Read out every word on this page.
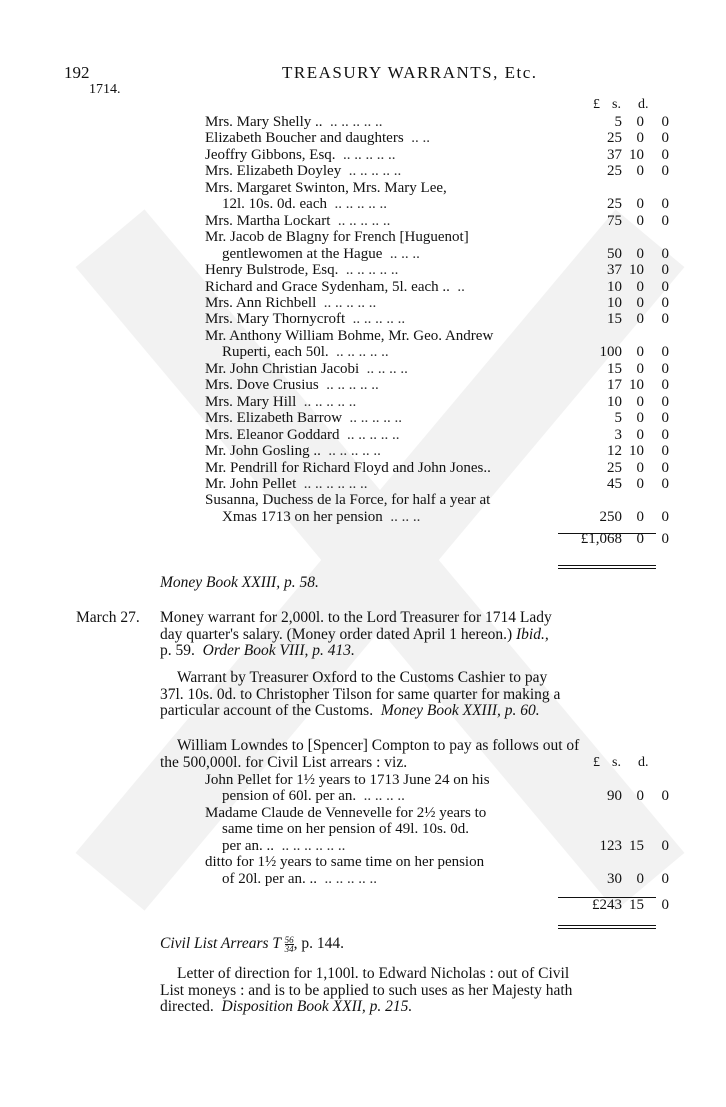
192	TREASURY WARRANTS, Etc.
1714.
£ s. d.
Mrs. Mary Shelly ..  .. .. .. .. ..	5	0	0
Elizabeth Boucher and daughters  .. ..	25	0	0
Jeoffry Gibbons, Esq.  .. .. .. .. ..	37	10	0
Mrs. Elizabeth Doyley  .. .. .. .. ..	25	0	0
Mrs. Margaret Swinton, Mrs. Mary Lee,			
12l. 10s. 0d. each  .. .. .. .. ..	25	0	0
Mrs. Martha Lockart  .. .. .. .. ..	75	0	0
Mr. Jacob de Blagny for French [Huguenot]			
gentlewomen at the Hague  .. .. ..	50	0	0
Henry Bulstrode, Esq.  .. .. .. .. ..	37	10	0
Richard and Grace Sydenham, 5l. each ..  ..	10	0	0
Mrs. Ann Richbell  .. .. .. .. ..	10	0	0
Mrs. Mary Thornycroft  .. .. .. .. ..	15	0	0
Mr. Anthony William Bohme, Mr. Geo. Andrew			
Ruperti, each 50l.  .. .. .. .. ..	100	0	0
Mr. John Christian Jacobi  .. .. .. ..	15	0	0
Mrs. Dove Crusius  .. .. .. .. ..	17	10	0
Mrs. Mary Hill  .. .. .. .. ..	10	0	0
Mrs. Elizabeth Barrow  .. .. .. .. ..	5	0	0
Mrs. Eleanor Goddard  .. .. .. .. ..	3	0	0
Mr. John Gosling ..  .. .. .. .. ..	12	10	0
Mr. Pendrill for Richard Floyd and John Jones..	25	0	0
Mr. John Pellet  .. .. .. .. .. ..	45	0	0
Susanna, Duchess de la Force, for half a year at			
Xmas 1713 on her pension  .. .. ..	250	0	0
	£1,068	0	0
Money Book XXIII, p. 58.
March 27. Money warrant for 2,000l. to the Lord Treasurer for 1714 Lady
day quarter's salary. (Money order dated April 1 hereon.) Ibid.,
p. 59.  Order Book VIII, p. 413.
Warrant by Treasurer Oxford to the Customs Cashier to pay
37l. 10s. 0d. to Christopher Tilson for same quarter for making a
particular account of the Customs.  Money Book XXIII, p. 60.
William Lowndes to [Spencer] Compton to pay as follows out of
the 500,000l. for Civil List arrears : viz.	£ s. d.
John Pellet for 1½ years to 1713 June 24 on his			
pension of 60l. per an.  .. .. .. ..	90	0	0
Madame Claude de Vennevelle for 2½ years to			
same time on her pension of 49l. 10s. 0d.			
per an. ..  .. .. .. .. .. ..	123	15	0
ditto for 1½ years to same time on her pension			
of 20l. per an. ..  .. .. .. .. ..	30	0	0
	£243	15	0
Civil List Arrears T $\frac{56}{34}$ , p. 144.
Letter of direction for 1,100l. to Edward Nicholas : out of Civil
List moneys : and is to be applied to such uses as her Majesty hath
directed.  Disposition Book XXII, p. 215.
